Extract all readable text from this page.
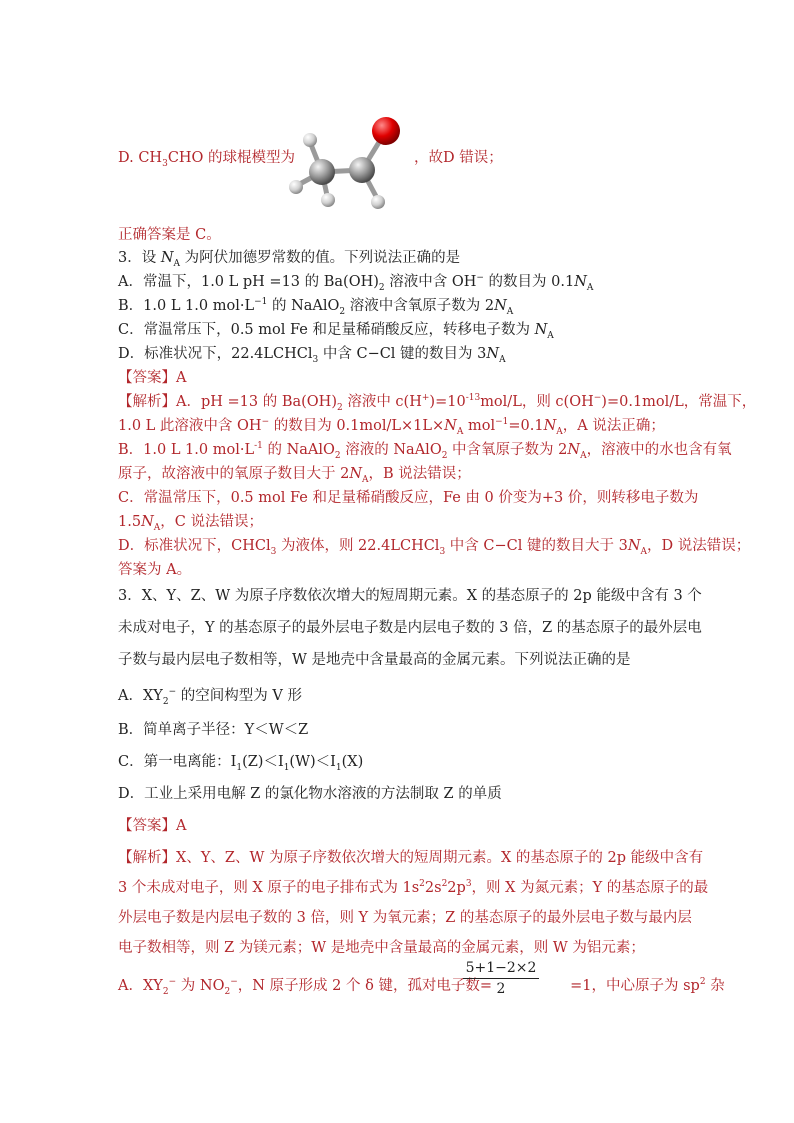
D. $CH_3CHO$ 的球棍模型为	，故D 错误；
正确答案是 C。
3．设 $N_A$ 为阿伏加德罗常数的值。下列说法正确的是
A．常温下，1.0 L pH =13 的 $Ba(OH)_2$ 溶液中含 OH− 的数目为 $0.1N_A$
B．1.0 L 1.0 $mol\cdot L^{-1}$ 的 NaAlO$_2$ 溶液中含氧原子数为 $2N_A$
C．常温常压下，0.5 mol Fe 和足量稀硝酸反应，转移电子数为 $N_A$
D．标准状况下，22.4LCHCl$_3$ 中含 C−Cl 键的数目为 $3N_A$
【答案】A
【解析】A．pH =13 的 $Ba(OH)_2$ 溶液中 $c(H^+)=10^{-13}mol/L$，则 c(OH−)=0.1mol/L，常温下，
1.0 L 此溶液中含 OH− 的数目为 $0.1mol/L\times 1L\times N_A$ $mol^{-1}=0.1N_A$，A 说法正确；
B．1.0 L 1.0 $mol\cdot L^{-1}$ 的 NaAlO$_2$ 溶液的 NaAlO$_2$ 中含氧原子数为 $2N_A$，溶液中的水也含有氧
原子，故溶液中的氧原子数目大于 $2N_A$，B 说法错误；
C．常温常压下，0.5 mol Fe 和足量稀硝酸反应，Fe 由 0 价变为+3 价，则转移电子数为
$1.5N_A$，C 说法错误；
D．标准状况下，CHCl$_3$ 为液体，则 22.4LCHCl$_3$ 中含 C−Cl 键的数目大于 $3N_A$，D 说法错误；
答案为 A。
3．X、Y、Z、W 为原子序数依次增大的短周期元素。X 的基态原子的 2p 能级中含有 3 个
未成对电子，Y 的基态原子的最外层电子数是内层电子数的 3 倍，Z 的基态原子的最外层电
子数与最内层电子数相等，W 是地壳中含量最高的金属元素。下列说法正确的是
A．$XY_2^-$ 的空间构型为 V 形
B．简单离子半径：Y＜W＜Z
C．第一电离能：$I_1(Z)<I_1(W)<I_1(X)$
D．工业上采用电解 Z 的氯化物水溶液的方法制取 Z 的单质
【答案】A
【解析】X、Y、Z、W 为原子序数依次增大的短周期元素。X 的基态原子的 2p 能级中含有
3 个未成对电子，则 X 原子的电子排布式为 $1s^22s^22p^3$，则 X 为氮元素；Y 的基态原子的最
外层电子数是内层电子数的 3 倍，则 Y 为氧元素；Z 的基态原子的最外层电子数与最内层
电子数相等，则 Z 为镁元素；W 是地壳中含量最高的金属元素，则 W 为铝元素；
A．$XY_2^-$ 为 $NO_2^-$，N 原子形成 2 个 δ 键，孤对电子数=	=1，中心原子为 $sp^2$ 杂
$\frac{5+1-2\times 2}{2}$
